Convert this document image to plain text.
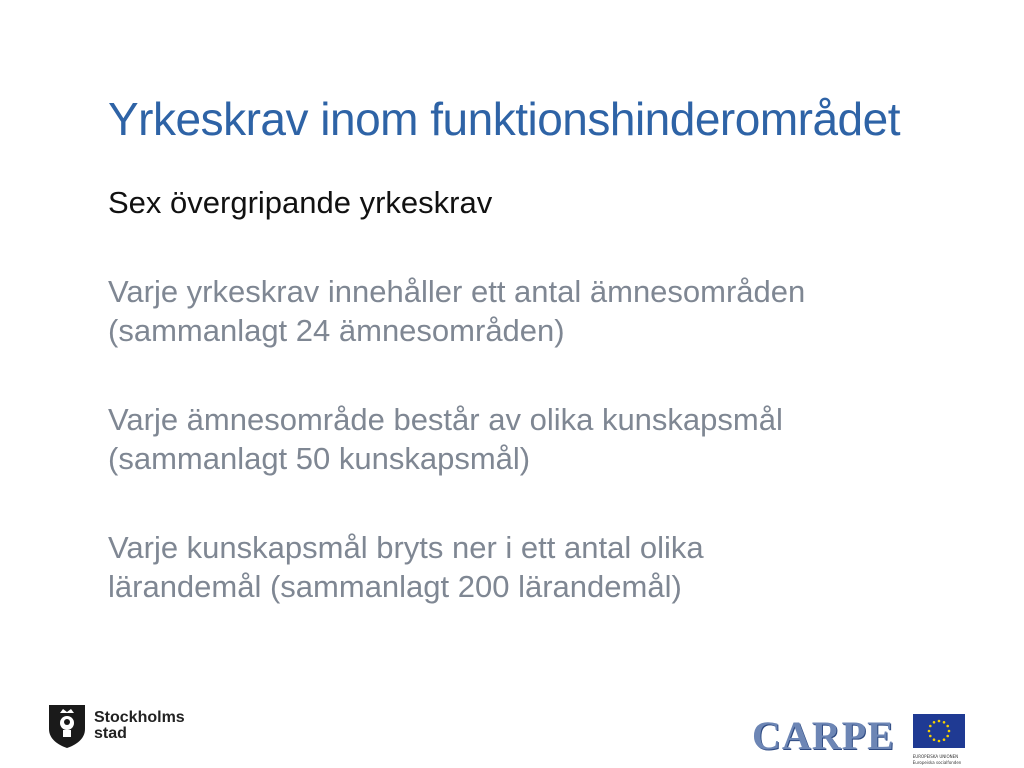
Yrkeskrav inom funktionshinderområdet
Sex övergripande yrkeskrav
Varje yrkeskrav innehåller ett antal ämnesområden
(sammanlagt 24 ämnesområden)
Varje ämnesområde består av olika kunskapsmål
(sammanlagt 50 kunskapsmål)
Varje kunskapsmål bryts ner i ett antal olika
lärandemål (sammanlagt 200 lärandemål)
Stockholms
stad	CARPE	EUROPEISKA UNIONEN
Europeiska socialfonden
